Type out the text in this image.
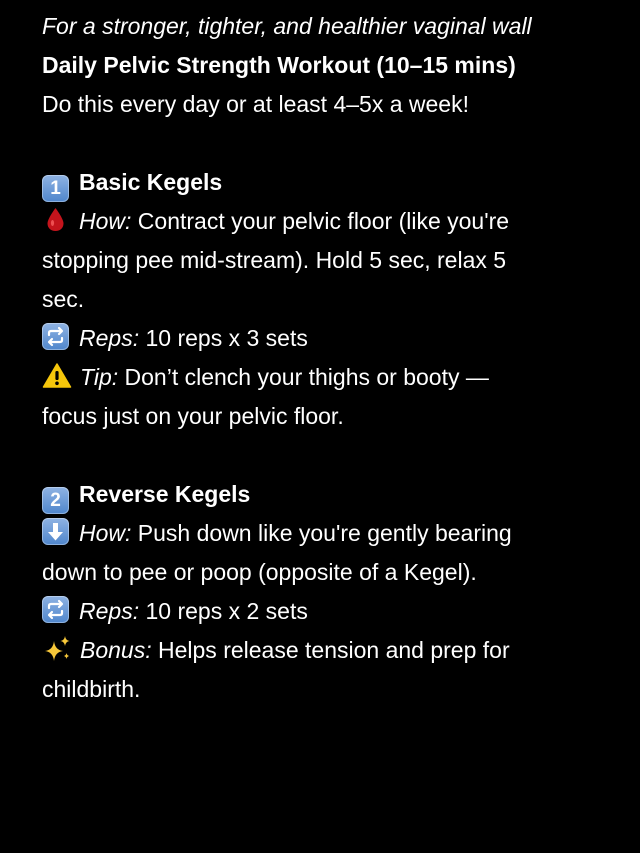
For a stronger, tighter, and healthier vaginal wall
Daily Pelvic Strength Workout (10–15 mins)
Do this every day or at least 4–5x a week!
1 Basic Kegels
How: Contract your pelvic floor (like you're
stopping pee mid-stream). Hold 5 sec, relax 5
sec.
Reps: 10 reps x 3 sets
Tip: Don’t clench your thighs or booty —
focus just on your pelvic floor.
2 Reverse Kegels
How: Push down like you're gently bearing
down to pee or poop (opposite of a Kegel).
Reps: 10 reps x 2 sets
Bonus: Helps release tension and prep for
childbirth.
